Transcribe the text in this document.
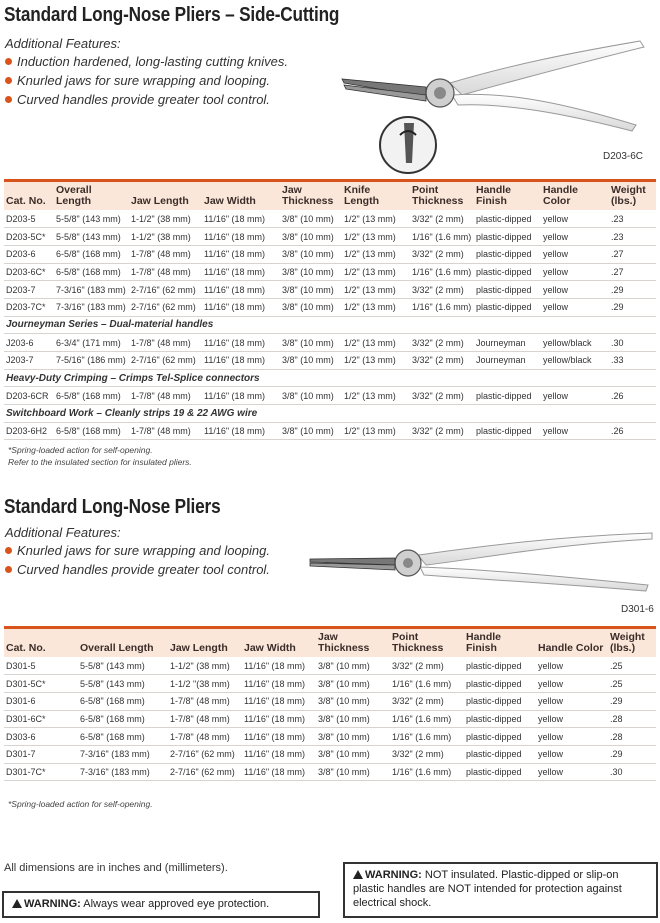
Standard Long-Nose Pliers – Side-Cutting
Additional Features:
Induction hardened, long-lasting cutting knives.
Knurled jaws for sure wrapping and looping.
Curved handles provide greater tool control.
D203-6C

Cat. No.	Overall Length	Jaw Length	Jaw Width	Jaw Thickness	Knife Length	Point Thickness	Handle Finish	Handle Color	Weight (lbs.)
D203-5	5-5/8" (143 mm)	1-1/2" (38 mm)	11/16" (18 mm)	3/8" (10 mm)	1/2" (13 mm)	3/32" (2 mm)	plastic-dipped	yellow	.23
D203-5C*	5-5/8" (143 mm)	1-1/2" (38 mm)	11/16" (18 mm)	3/8" (10 mm)	1/2" (13 mm)	1/16" (1.6 mm)	plastic-dipped	yellow	.23
D203-6	6-5/8" (168 mm)	1-7/8" (48 mm)	11/16" (18 mm)	3/8" (10 mm)	1/2" (13 mm)	3/32" (2 mm)	plastic-dipped	yellow	.27
D203-6C*	6-5/8" (168 mm)	1-7/8" (48 mm)	11/16" (18 mm)	3/8" (10 mm)	1/2" (13 mm)	1/16" (1.6 mm)	plastic-dipped	yellow	.27
D203-7	7-3/16" (183 mm)	2-7/16" (62 mm)	11/16" (18 mm)	3/8" (10 mm)	1/2" (13 mm)	3/32" (2 mm)	plastic-dipped	yellow	.29
D203-7C*	7-3/16" (183 mm)	2-7/16" (62 mm)	11/16" (18 mm)	3/8" (10 mm)	1/2" (13 mm)	1/16" (1.6 mm)	plastic-dipped	yellow	.29
Journeyman Series – Dual-material handles									
J203-6	6-3/4" (171 mm)	1-7/8" (48 mm)	11/16" (18 mm)	3/8" (10 mm)	1/2" (13 mm)	3/32" (2 mm)	Journeyman	yellow/black	.30
J203-7	7-5/16" (186 mm)	2-7/16" (62 mm)	11/16" (18 mm)	3/8" (10 mm)	1/2" (13 mm)	3/32" (2 mm)	Journeyman	yellow/black	.33
Heavy-Duty Crimping – Crimps Tel-Splice connectors									
D203-6CR	6-5/8" (168 mm)	1-7/8" (48 mm)	11/16" (18 mm)	3/8" (10 mm)	1/2" (13 mm)	3/32" (2 mm)	plastic-dipped	yellow	.26
Switchboard Work – Cleanly strips 19 & 22 AWG wire									
D203-6H2	6-5/8" (168 mm)	1-7/8" (48 mm)	11/16" (18 mm)	3/8" (10 mm)	1/2" (13 mm)	3/32" (2 mm)	plastic-dipped	yellow	.26
*Spring-loaded action for self-opening.
Refer to the insulated section for insulated pliers.
Standard Long-Nose Pliers
Additional Features:
Knurled jaws for sure wrapping and looping.
Curved handles provide greater tool control.
D301-6

Cat. No.	Overall Length	Jaw Length	Jaw Width	Jaw Thickness	Point Thickness	Handle Finish	Handle Color	Weight (lbs.)
D301-5	5-5/8" (143 mm)	1-1/2" (38 mm)	11/16" (18 mm)	3/8" (10 mm)	3/32" (2 mm)	plastic-dipped	yellow	.25
D301-5C*	5-5/8" (143 mm)	1-1/2 "(38 mm)	11/16" (18 mm)	3/8" (10 mm)	1/16" (1.6 mm)	plastic-dipped	yellow	.25
D301-6	6-5/8" (168 mm)	1-7/8" (48 mm)	11/16" (18 mm)	3/8" (10 mm)	3/32" (2 mm)	plastic-dipped	yellow	.29
D301-6C*	6-5/8" (168 mm)	1-7/8" (48 mm)	11/16" (18 mm)	3/8" (10 mm)	1/16" (1.6 mm)	plastic-dipped	yellow	.28
D303-6	6-5/8" (168 mm)	1-7/8" (48 mm)	11/16" (18 mm)	3/8" (10 mm)	1/16" (1.6 mm)	plastic-dipped	yellow	.28
D301-7	7-3/16" (183 mm)	2-7/16" (62 mm)	11/16" (18 mm)	3/8" (10 mm)	3/32" (2 mm)	plastic-dipped	yellow	.29
D301-7C*	7-3/16" (183 mm)	2-7/16" (62 mm)	11/16" (18 mm)	3/8" (10 mm)	1/16" (1.6 mm)	plastic-dipped	yellow	.30
*Spring-loaded action for self-opening.
All dimensions are in inches and (millimeters).
WARNING: Always wear approved eye protection.
WARNING: NOT insulated. Plastic-dipped or slip-on plastic handles are NOT intended for protection against electrical shock.
